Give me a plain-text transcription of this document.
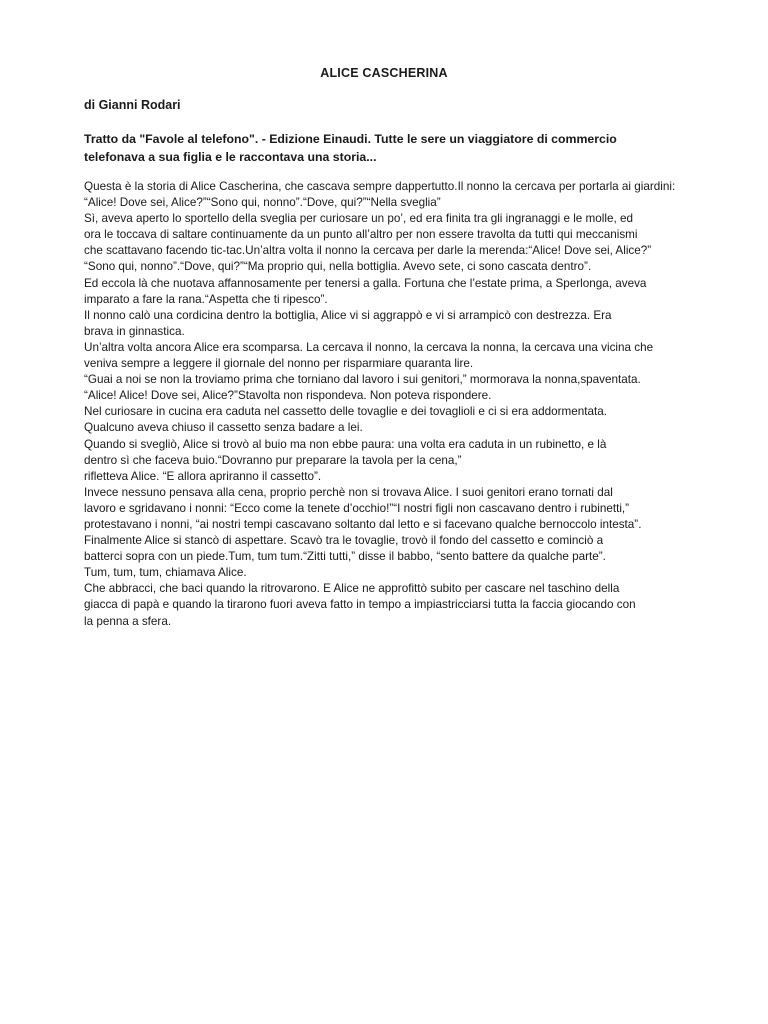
ALICE CASCHERINA
di Gianni Rodari
Tratto da "Favole al telefono". - Edizione Einaudi. Tutte le sere un viaggiatore di commercio
telefonava a sua figlia e le raccontava una storia...
Questa è la storia di Alice Cascherina, che cascava sempre dappertutto.Il nonno la cercava per portarla ai giardini:“Alice! Dove sei, Alice?”“Sono qui, nonno”.“Dove, qui?”“Nella sveglia”Sì, aveva aperto lo sportello della sveglia per curiosare un po’, ed era finita tra gli ingranaggi e le molle, edora le toccava di saltare continuamente da un punto all’altro per non essere travolta da tutti qui meccanismiche scattavano facendo tic-tac.Un’altra volta il nonno la cercava per darle la merenda:“Alice! Dove sei, Alice?”“Sono qui, nonno”.“Dove, qui?”“Ma proprio qui, nella bottiglia. Avevo sete, ci sono cascata dentro”.Ed eccola là che nuotava affannosamente per tenersi a galla. Fortuna che l’estate prima, a Sperlonga, avevaimparato a fare la rana.“Aspetta che ti ripesco”.Il nonno calò una cordicina dentro la bottiglia, Alice vi si aggrappò e vi si arrampicò con destrezza. Erabrava in ginnastica.Un’altra volta ancora Alice era scomparsa. La cercava il nonno, la cercava la nonna, la cercava una vicina cheveniva sempre a leggere il giornale del nonno per risparmiare quaranta lire.“Guai a noi se non la troviamo prima che torniano dal lavoro i sui genitori,” mormorava la nonna,spaventata.“Alice! Alice! Dove sei, Alice?”Stavolta non rispondeva. Non poteva rispondere.Nel curiosare in cucina era caduta nel cassetto delle tovaglie e dei tovaglioli e ci si era addormentata.Qualcuno aveva chiuso il cassetto senza badare a lei.Quando si svegliò, Alice si trovò al buio ma non ebbe paura: una volta era caduta in un rubinetto, e làdentro sì che faceva buio.“Dovranno pur preparare la tavola per la cena,”rifletteva Alice. “E allora apriranno il cassetto”.Invece nessuno pensava alla cena, proprio perchè non si trovava Alice. I suoi genitori erano tornati dallavoro e sgridavano i nonni: “Ecco come la tenete d’occhio!”“I nostri figli non cascavano dentro i rubinetti,”protestavano i nonni, “ai nostri tempi cascavano soltanto dal letto e si facevano qualche bernoccolo intesta”.Finalmente Alice si stancò di aspettare. Scavò tra le tovaglie, trovò il fondo del cassetto e cominciò abatterci sopra con un piede.Tum, tum tum.“Zitti tutti,” disse il babbo, “sento battere da qualche parte”.Tum, tum, tum, chiamava Alice.Che abbracci, che baci quando la ritrovarono. E Alice ne approfittò subito per cascare nel taschino dellagiacca di papà e quando la tirarono fuori aveva fatto in tempo a impiastricciarsi tutta la faccia giocando conla penna a sfera.
